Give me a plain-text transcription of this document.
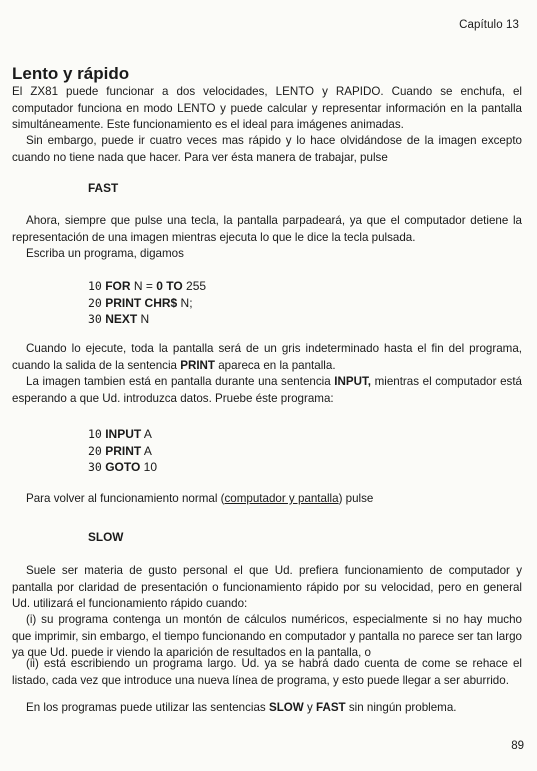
Capítulo 13
Lento y rápido

El ZX81 puede funcionar a dos velocidades, LENTO y RAPIDO. Cuando se enchufa, el computador funciona en modo LENTO y puede calcular y representar información en la pantalla simultáneamente. Este funcionamiento es el ideal para imágenes animadas.

Sin embargo, puede ir cuatro veces mas rápido y lo hace olvidándose de la imagen excepto cuando no tiene nada que hacer. Para ver ésta manera de trabajar, pulse

FAST

Ahora, siempre que pulse una tecla, la pantalla parpadeará, ya que el computador detiene la representación de una imagen mientras ejecuta lo que le dice la tecla pulsada.

Escriba un programa, digamos

10 FOR N = 0 TO 255
20 PRINT CHR$ N;
30 NEXT N

Cuando lo ejecute, toda la pantalla será de un gris indeterminado hasta el fin del programa, cuando la salida de la sentencia PRINT apareca en la pantalla.

La imagen tambien está en pantalla durante una sentencia INPUT, mientras el computador está esperando a que Ud. introduzca datos. Pruebe éste programa:

10 INPUT A
20 PRINT A
30 GOTO 10

Para volver al funcionamiento normal (computador y pantalla) pulse

SLOW

Suele ser materia de gusto personal el que Ud. prefiera funcionamiento de computador y pantalla por claridad de presentación o funcionamiento rápido por su velocidad, pero en general Ud. utilizará el funcionamiento rápido cuando:

(i) su programa contenga un montón de cálculos numéricos, especialmente si no hay mucho que imprimir, sin embargo, el tiempo funcionando en computador y pantalla no parece ser tan largo ya que Ud. puede ir viendo la aparición de resultados en la pantalla, o

(ii) está escribiendo un programa largo. Ud. ya se habrá dado cuenta de come se rehace el listado, cada vez que introduce una nueva línea de programa, y esto puede llegar a ser aburrido.

En los programas puede utilizar las sentencias SLOW y FAST sin ningún problema.

89
